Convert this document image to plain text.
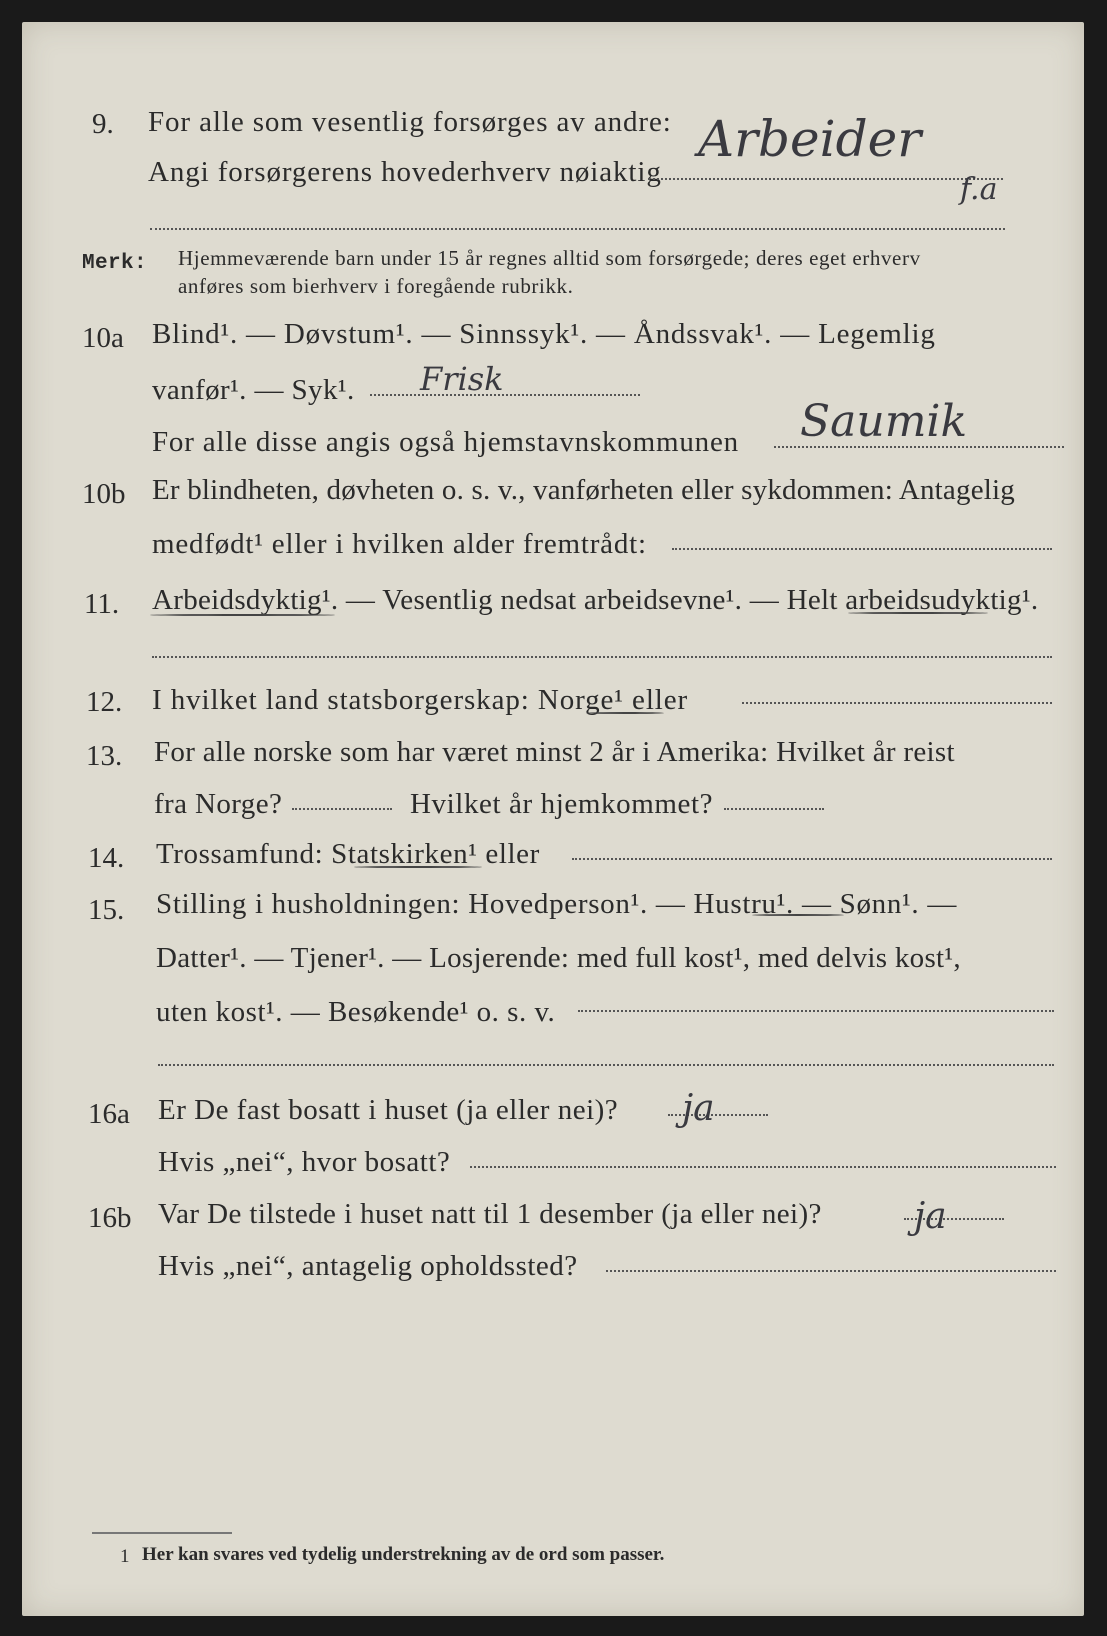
9. For alle som vesentlig forsørges av andre:
Angi forsørgerens hovederhverv nøiaktig
Arbeider
f.a
Merk: Hjemmeværende barn under 15 år regnes alltid som forsørgede; deres eget erhverv
anføres som bierhverv i foregående rubrikk.
10a Blind¹. — Døvstum¹. — Sinnssyk¹. — Åndssvak¹. — Legemlig
vanfør¹. — Syk¹. Frisk
For alle disse angis også hjemstavnskommunen Saumik
10b Er blindheten, døvheten o. s. v., vanførheten eller sykdommen: Antagelig
medfødt¹ eller i hvilken alder fremtrådt:
11. Arbeidsdyktig¹. — Vesentlig nedsat arbeidsevne¹. — Helt arbeidsudyktig¹.
12. I hvilket land statsborgerskap: Norge¹ eller
13. For alle norske som har været minst 2 år i Amerika: Hvilket år reist
fra Norge?	Hvilket år hjemkommet?
14. Trossamfund: Statskirken¹ eller
15. Stilling i husholdningen: Hovedperson¹. — Hustru¹. — Sønn¹. —
Datter¹. — Tjener¹. — Losjerende: med full kost¹, med delvis kost¹,
uten kost¹. — Besøkende¹ o. s. v.
16a Er De fast bosatt i huset (ja eller nei)? ja
Hvis „nei“, hvor bosatt?
16b Var De tilstede i huset natt til 1 desember (ja eller nei)?	ja
Hvis „nei“, antagelig opholdssted?
1 Her kan svares ved tydelig understrekning av de ord som passer.
